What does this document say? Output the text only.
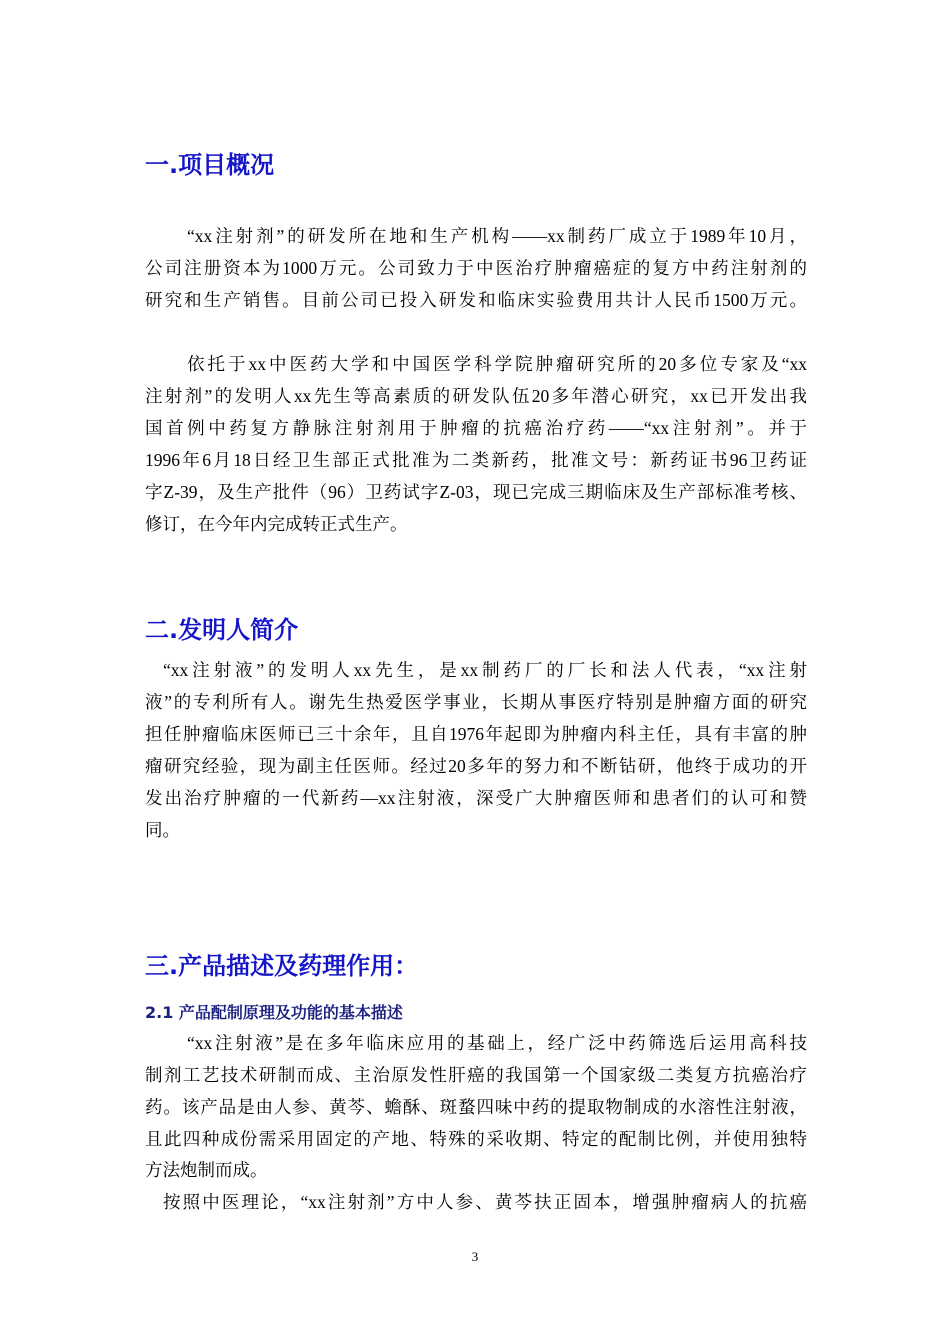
一.项目概况
“xx注射剂”的研发所在地和生产机构——xx制药厂成立于1989年10月，
公司注册资本为1000万元。公司致力于中医治疗肿瘤癌症的复方中药注射剂的
研究和生产销售。目前公司已投入研发和临床实验费用共计人民币1500万元。
依托于xx中医药大学和中国医学科学院肿瘤研究所的20多位专家及“xx
注射剂”的发明人xx先生等高素质的研发队伍20多年潜心研究，xx已开发出我
国首例中药复方静脉注射剂用于肿瘤的抗癌治疗药——“xx注射剂”。并于
1996年6月18日经卫生部正式批准为二类新药，批准文号：新药证书96卫药证
字Z-39，及生产批件（96）卫药试字Z-03，现已完成三期临床及生产部标准考核、
修订，在今年内完成转正式生产。
二.发明人简介
“xx注射液”的发明人xx先生，是xx制药厂的厂长和法人代表，“xx注射
液”的专利所有人。谢先生热爱医学事业，长期从事医疗特别是肿瘤方面的研究
担任肿瘤临床医师已三十余年，且自1976年起即为肿瘤内科主任，具有丰富的肿
瘤研究经验，现为副主任医师。经过20多年的努力和不断钻研，他终于成功的开
发出治疗肿瘤的一代新药—xx注射液，深受广大肿瘤医师和患者们的认可和赞
同。
三.产品描述及药理作用：
2.1 产品配制原理及功能的基本描述
“xx注射液”是在多年临床应用的基础上，经广泛中药筛选后运用高科技
制剂工艺技术研制而成、主治原发性肝癌的我国第一个国家级二类复方抗癌治疗
药。该产品是由人参、黄芩、蟾酥、斑蝥四味中药的提取物制成的水溶性注射液，
且此四种成份需采用固定的产地、特殊的采收期、特定的配制比例，并使用独特
方法炮制而成。
按照中医理论，“xx注射剂”方中人参、黄芩扶正固本，增强肿瘤病人的抗癌
3
